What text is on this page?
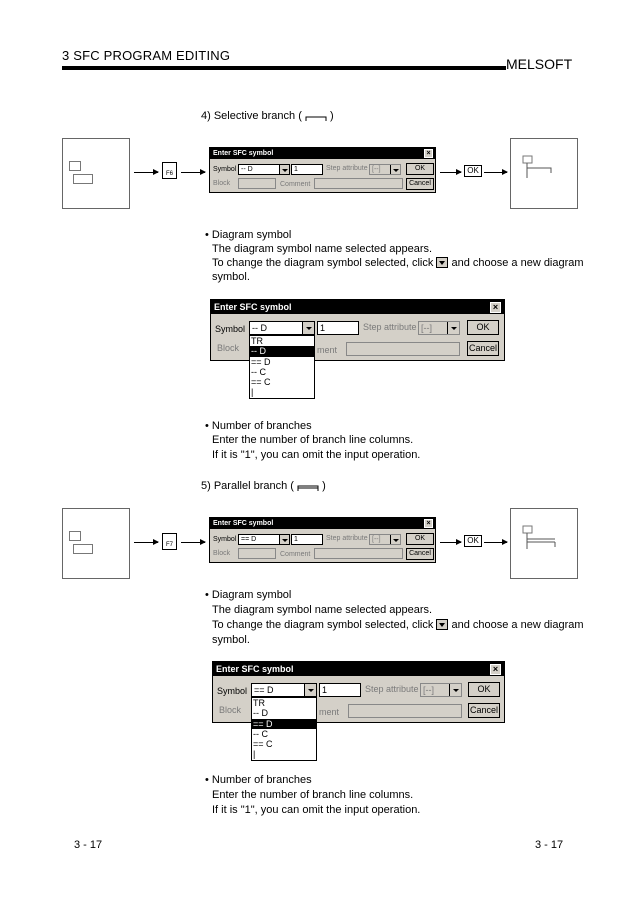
3 SFC PROGRAM EDITING
MELSOFT
4) Selective branch (	)
F6
Enter SFC symbol	×
Symbol -- D	1	Step attribute [--]	OK
Block	Comment	Cancel
OK
• Diagram symbol
The diagram symbol name selected appears.
To change the diagram symbol selected, click and choose a new diagram
symbol.
Enter SFC symbol	×
Symbol -- D	1	Step attribute [--]	OK
Block	ment	Cancel
TR
-- D
== D
-- C
== C
|
• Number of branches
Enter the number of branch line columns.
If it is "1", you can omit the input operation.
5) Parallel branch (	)
F7
Enter SFC symbol	×
Symbol == D	1	Step attribute [--]	OK
Block	Comment	Cancel
OK
• Diagram symbol
The diagram symbol name selected appears.
To change the diagram symbol selected, click and choose a new diagram
symbol.
Enter SFC symbol	×
Symbol == D	1	Step attribute [--]	OK
Block	ment	Cancel
TR
-- D
== D
-- C
== C
|
• Number of branches
Enter the number of branch line columns.
If it is "1", you can omit the input operation.
3 - 17	3 - 17
